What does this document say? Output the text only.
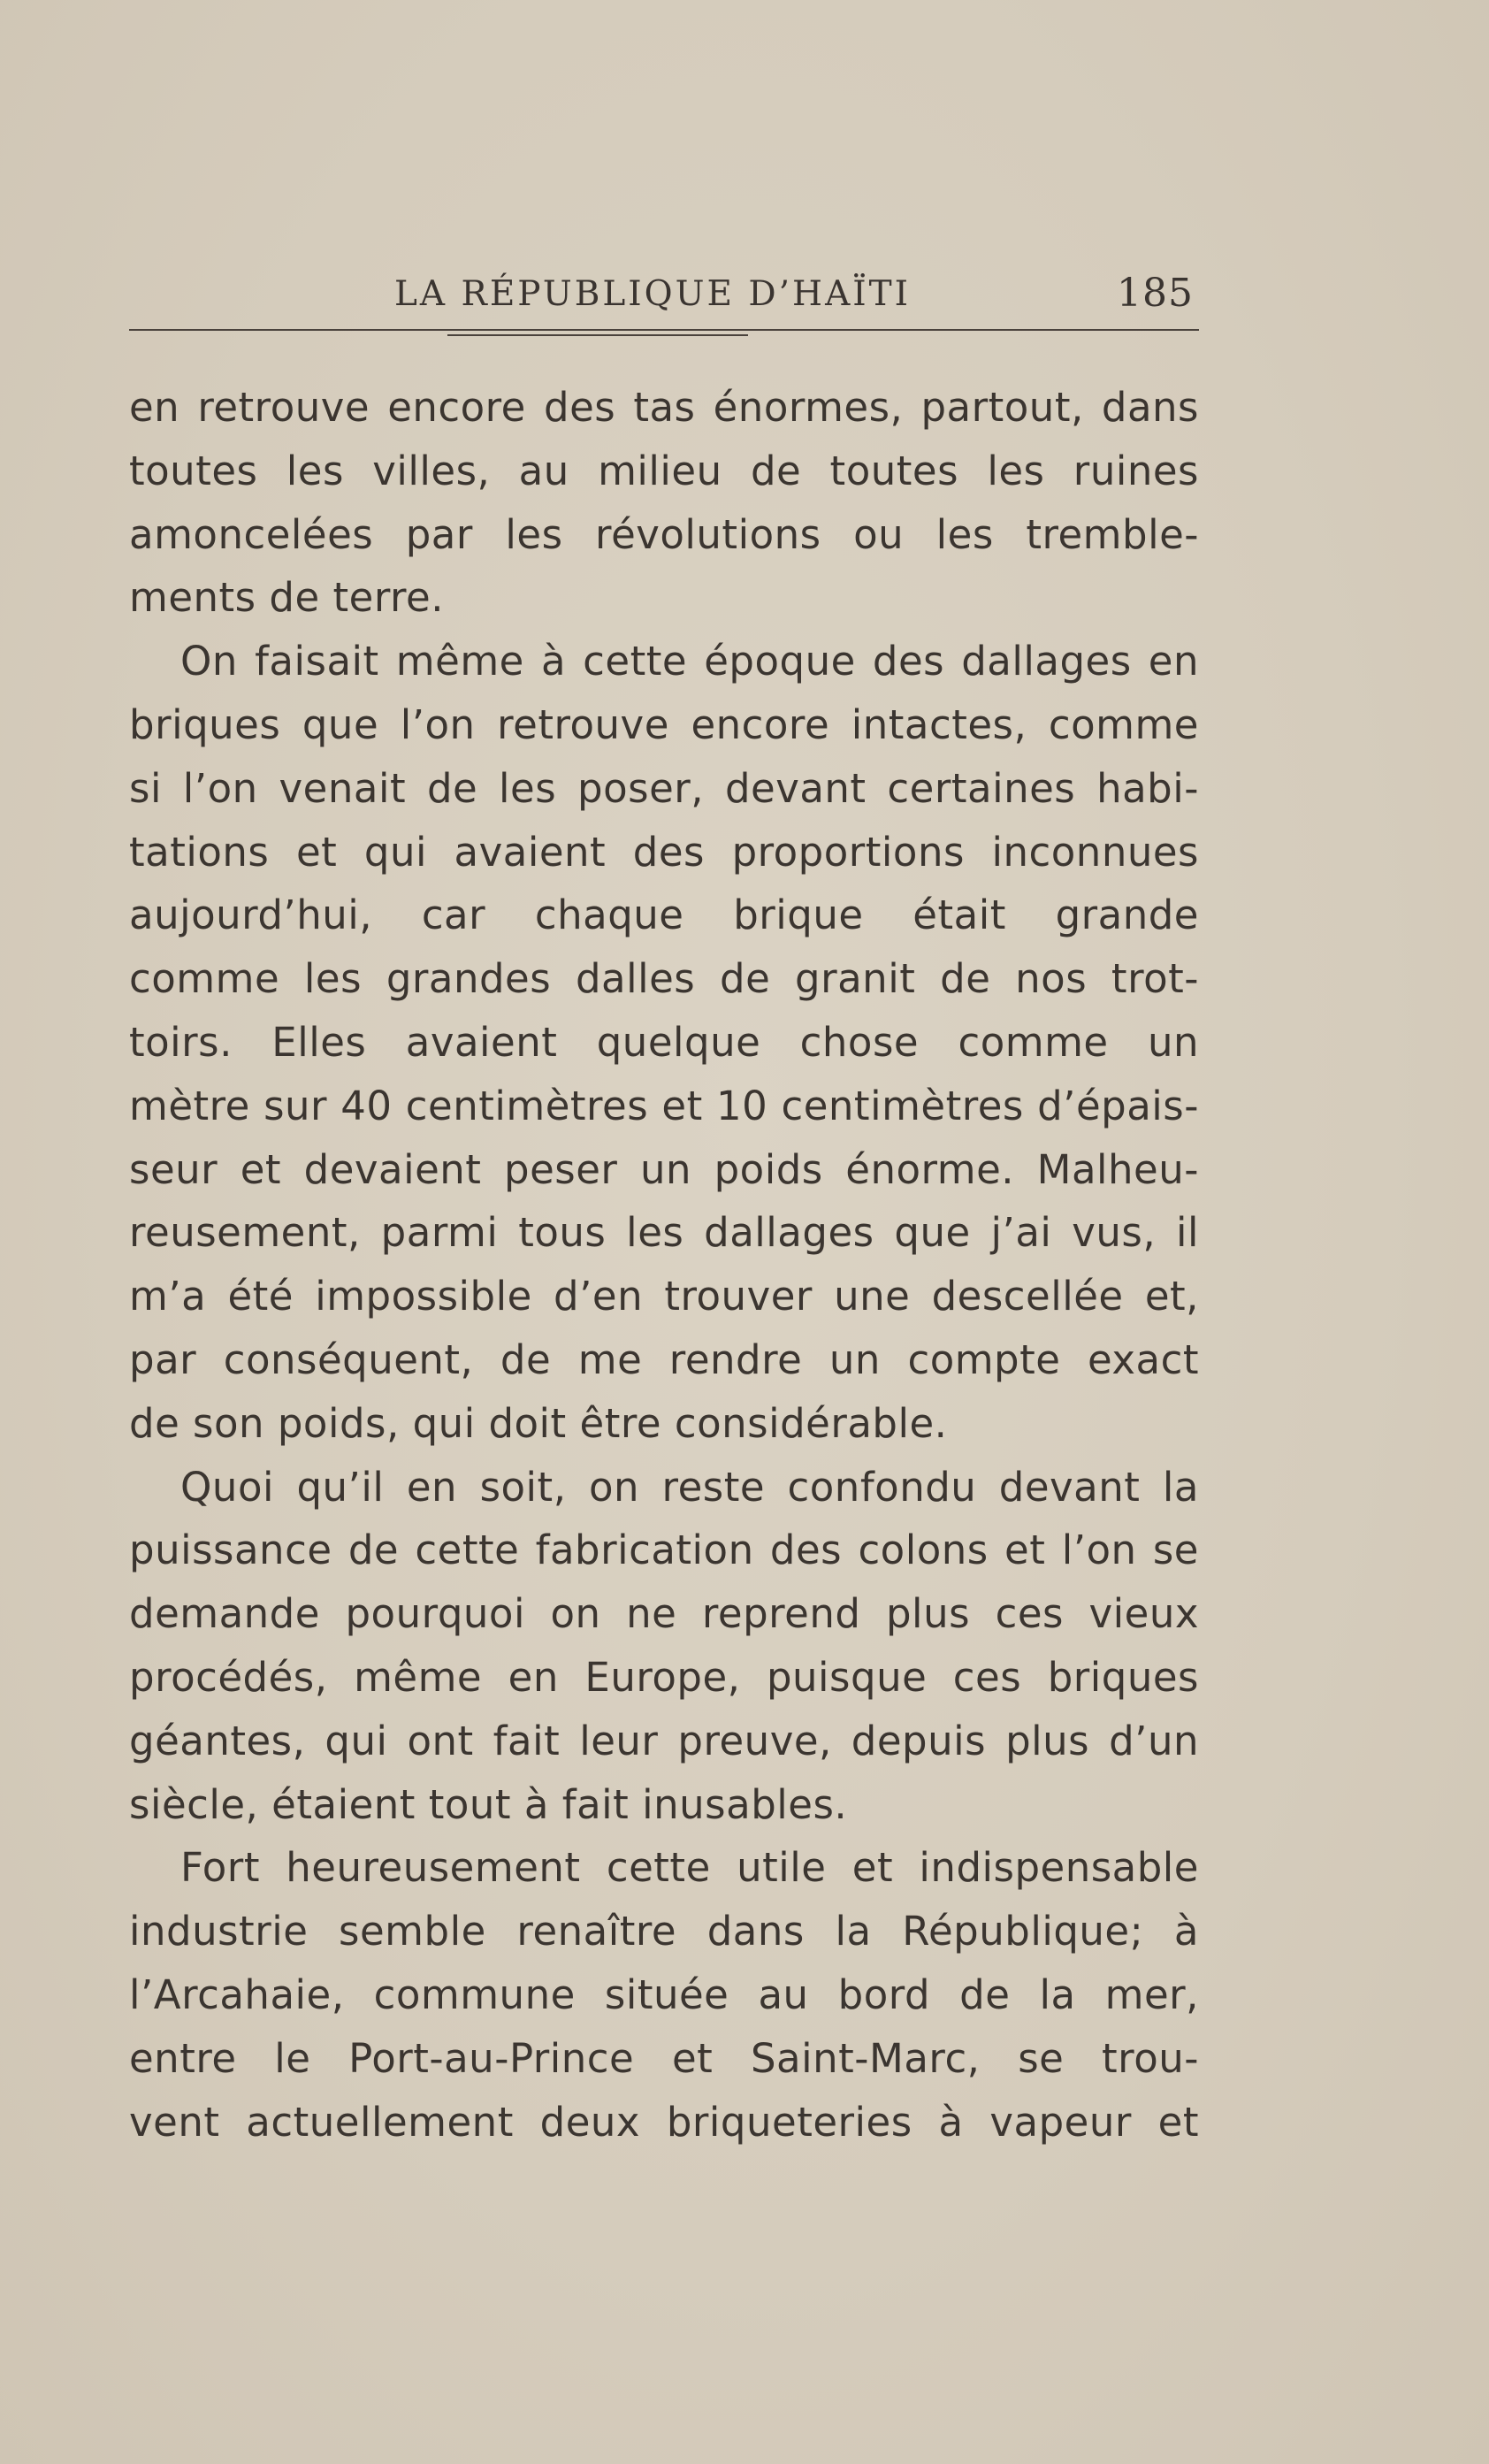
LA RÉPUBLIQUE D’HAÏTI	185
en retrouve encore des tas énormes, partout, dans
toutes les villes, au milieu de toutes les ruines
amoncelées par les révolutions ou les tremble-
ments de terre.
On faisait même à cette époque des dallages en
briques que l’on retrouve encore intactes, comme
si l’on venait de les poser, devant certaines habi-
tations et qui avaient des proportions inconnues
aujourd’hui, car chaque brique était grande
comme les grandes dalles de granit de nos trot-
toirs. Elles avaient quelque chose comme un
mètre sur 40 centimètres et 10 centimètres d’épais-
seur et devaient peser un poids énorme. Malheu-
reusement, parmi tous les dallages que j’ai vus, il
m’a été impossible d’en trouver une descellée et,
par conséquent, de me rendre un compte exact
de son poids, qui doit être considérable.
Quoi qu’il en soit, on reste confondu devant la
puissance de cette fabrication des colons et l’on se
demande pourquoi on ne reprend plus ces vieux
procédés, même en Europe, puisque ces briques
géantes, qui ont fait leur preuve, depuis plus d’un
siècle, étaient tout à fait inusables.
Fort heureusement cette utile et indispensable
industrie semble renaître dans la République; à
l’Arcahaie, commune située au bord de la mer,
entre le Port-au-Prince et Saint-Marc, se trou-
vent actuellement deux briqueteries à vapeur et
